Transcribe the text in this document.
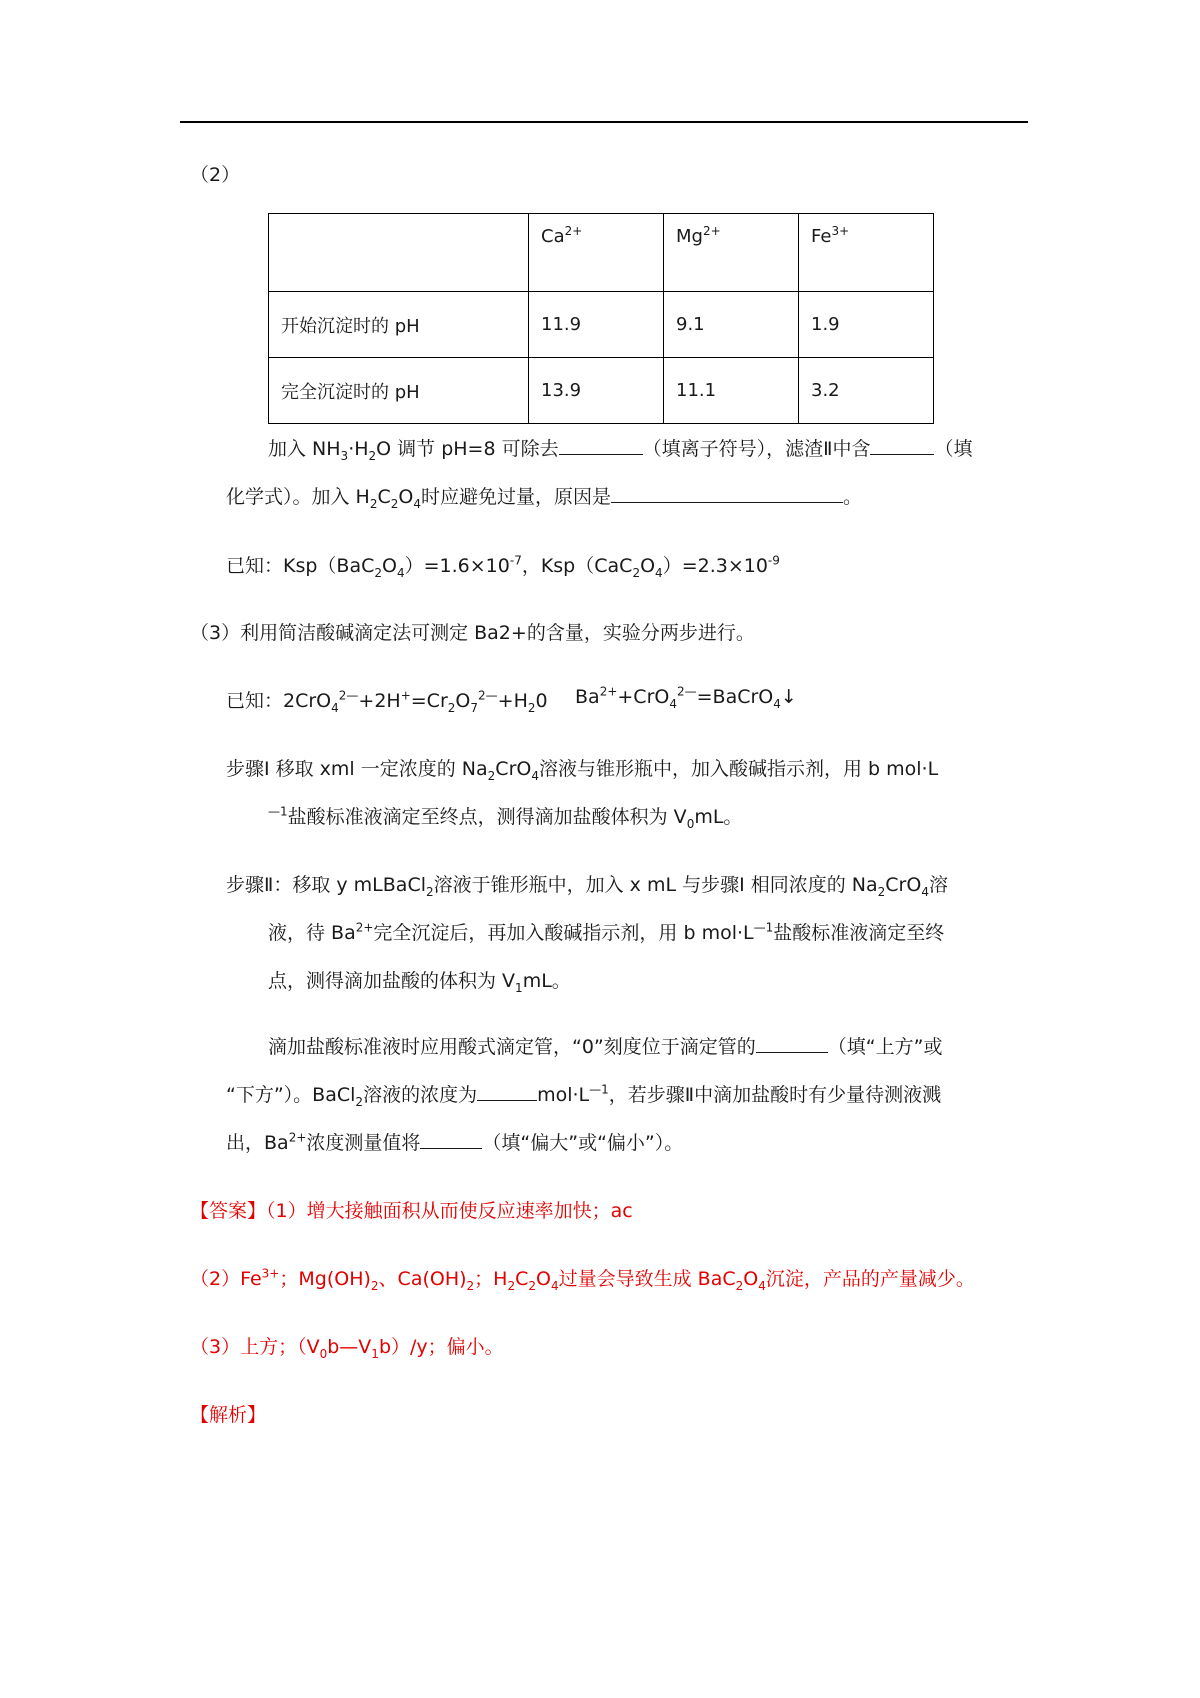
（2）
	$Ca^{2+}$	$Mg^{2+}$	$Fe^{3+}$
开始沉淀时的 pH	11.9	9.1	1.9
完全沉淀时的 pH	13.9	11.1	3.2
加入 $NH_3\cdot H_2O$ 调节 pH=8 可除去	（填离子符号），滤渣Ⅱ中含	（填
化学式）。加入 $H_2C_2O_4$时应避免过量，原因是	。
已知：$Ksp(BaC_2O_4)=1.6\times 10^{-7}$，$Ksp(CaC_2O_4)=2.3\times 10^{-9}$
（3）利用简洁酸碱滴定法可测定 Ba2+的含量，实验分两步进行。
已知：$2CrO_4^{2—}+2H^+=Cr_2O_7^{2—}+H_20$	$Ba^{2+}+CrO_4^{2—}=BaCrO_4↓$
步骤Ⅰ 移取 xml 一定浓度的 $Na_2CrO_4$溶液与锥形瓶中，加入酸碱指示剂，用 b mol·L
$^{—1}$盐酸标准液滴定至终点，测得滴加盐酸体积为 $V_0mL$。
步骤Ⅱ：移取 y mLBaCl$_2$溶液于锥形瓶中，加入 x mL 与步骤Ⅰ 相同浓度的 $Na_2CrO_4$溶
液，待 $Ba^{2+}$完全沉淀后，再加入酸碱指示剂，用 b $mol\cdot L^{—1}$盐酸标准液滴定至终
点，测得滴加盐酸的体积为 $V_1mL$。
滴加盐酸标准液时应用酸式滴定管，“0”刻度位于滴定管的	（填“上方”或
“下方”）。BaCl$_2$溶液的浓度为	$mol\cdot L^{—1}$，若步骤Ⅱ中滴加盐酸时有少量待测液溅
出，$Ba^{2+}$浓度测量值将	（填“偏大”或“偏小”）。
【答案】（1）增大接触面积从而使反应速率加快；ac
$(2)Fe^{3+}$；$Mg(OH)_2$、$Ca(OH)_2$；$H_2C_2O_4$过量会导致生成 $BaC_2O_4$沉淀，产品的产量减少。
（3）上方；$(V_0b—V_1b)/y$；偏小。
【解析】
